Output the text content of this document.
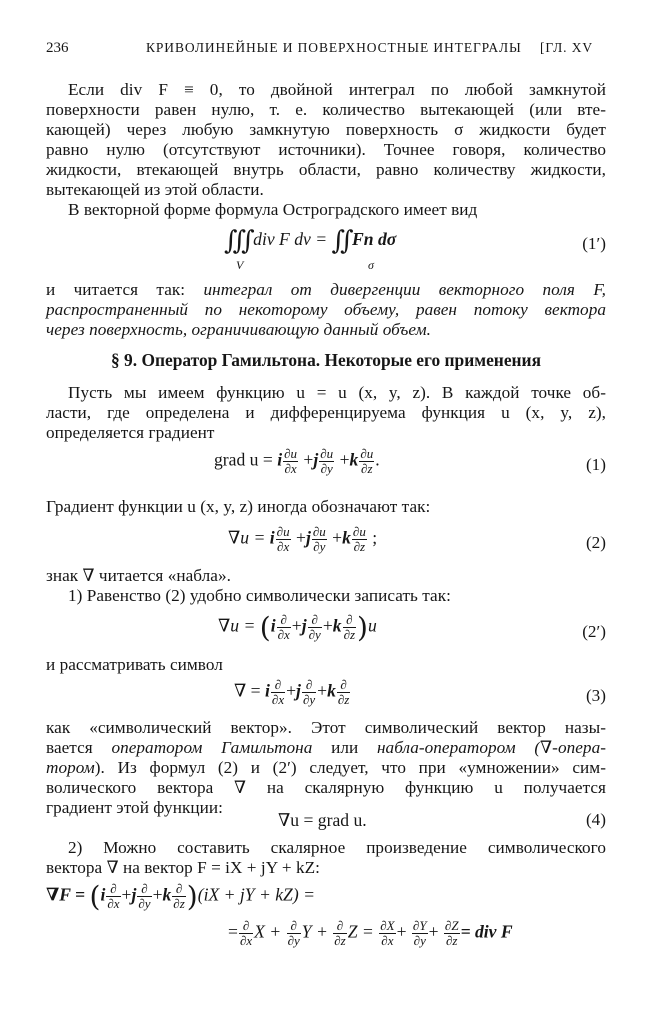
236	КРИВОЛИНЕЙНЫЕ И ПОВЕРХНОСТНЫЕ ИНТЕГРАЛЫ [ГЛ. XV
Если div F ≡ 0, то двойной интеграл по любой замкнутой
поверхности равен нулю, т. е. количество вытекающей (или вте-
кающей) через любую замкнутую поверхность σ жидкости будет
равно нулю (отсутствуют источники). Точнее говоря, количество
жидкости, втекающей внутрь области, равно количеству жидкости,
вытекающей из этой области.
В векторной форме формула Остроградского имеет вид
∭ div F dv = ∬ Fn dσ
V	σ
(1′)
и читается так: интеграл от дивергенции векторного поля F,
распространенный по некоторому объему, равен потоку вектора
через поверхность, ограничивающую данный объем.
§ 9. Оператор Гамильтона. Некоторые его применения
Пусть мы имеем функцию u = u (x, y, z). В каждой точке об-
ласти, где определена и дифференцируема функция u (x, y, z),
определяется градиент
grad u = i $\frac{\partial u}{\partial x} +j \frac{\partial u}{\partial y} +k \frac{\partial u}{\partial z}$ .	(1)
Градиент функции u (x, y, z) иногда обозначают так:
∇u = i $\frac{\partial u}{\partial x} +j \frac{\partial u}{\partial y} +k \frac{\partial u}{\partial z}$ ;	(2)
знак ∇ читается «набла».
1) Равенство (2) удобно символически записать так:
∇u = (i ∂
∂x +j ∂
∂y +k ∂
∂z )u	(2′)
и рассматривать символ
∇ = i ∂
∂x +j ∂
∂y +k ∂
∂z	(3)
как «символический вектор». Этот символический вектор назы-
вается оператором Гамильтона или набла-оператором (∇-опера-
тором). Из формул (2) и (2′) следует, что при «умножении» сим-
волического вектора ∇ на скалярную функцию u получается
градиент этой функции:
∇u = grad u.	(4)
2) Можно составить скалярное произведение символического
вектора ∇ на вектор F = iX + jY + kZ:
∇F = (i ∂
∂x +j ∂
∂y +k ∂
∂z )(iX + jY + kZ) =
= ∂
∂x X + ∂
∂y Y + ∂
∂z $Z = \frac{\partial X}{\partial x} + \frac{\partial Y}{\partial y} + \frac{\partial Z}{\partial z}$ = div F
